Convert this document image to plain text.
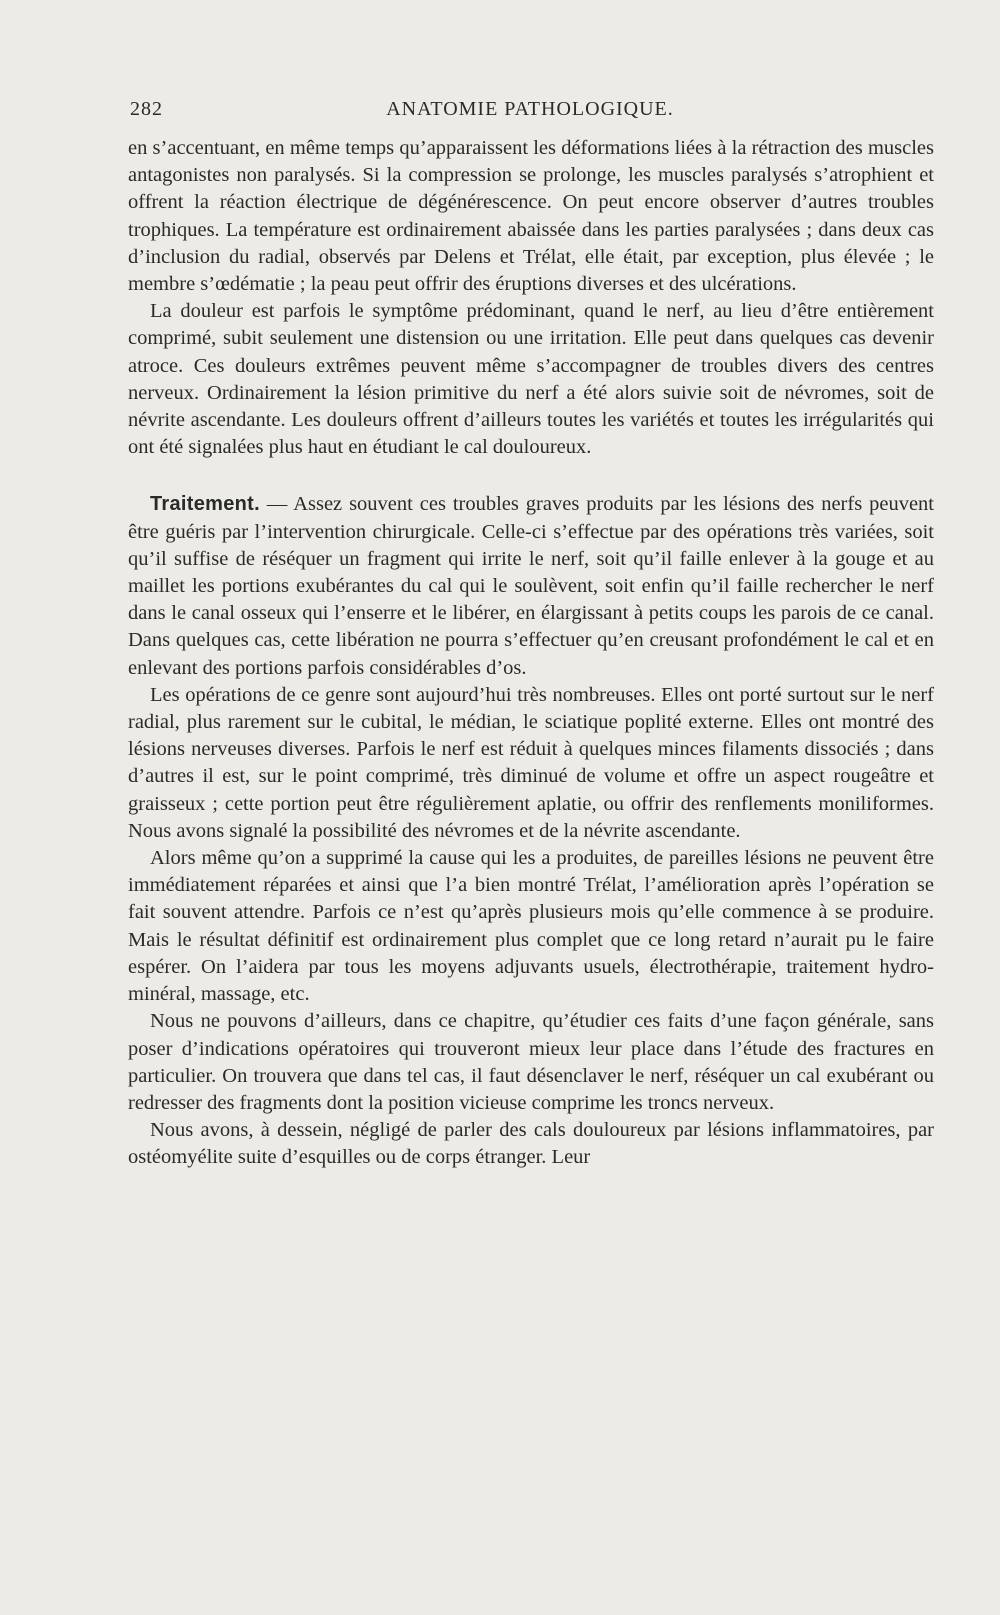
282	ANATOMIE PATHOLOGIQUE.

en s’accentuant, en même temps qu’apparaissent les déformations liées à la rétraction des muscles antagonistes non paralysés. Si la compression se prolonge, les muscles paralysés s’atrophient et offrent la réaction électrique de dégénérescence. On peut encore observer d’autres troubles trophiques. La température est ordinairement abaissée dans les parties paralysées ; dans deux cas d’inclusion du radial, observés par Delens et Trélat, elle était, par exception, plus élevée ; le membre s’œdématie ; la peau peut offrir des éruptions diverses et des ulcérations.

La douleur est parfois le symptôme prédominant, quand le nerf, au lieu d’être entièrement comprimé, subit seulement une distension ou une irritation. Elle peut dans quelques cas devenir atroce. Ces douleurs extrêmes peuvent même s’accompagner de troubles divers des centres nerveux. Ordinairement la lésion primitive du nerf a été alors suivie soit de névromes, soit de névrite ascendante. Les douleurs offrent d’ailleurs toutes les variétés et toutes les irrégularités qui ont été signalées plus haut en étudiant le cal douloureux.

Traitement. — Assez souvent ces troubles graves produits par les lésions des nerfs peuvent être guéris par l’intervention chirurgicale. Celle-ci s’effectue par des opérations très variées, soit qu’il suffise de réséquer un fragment qui irrite le nerf, soit qu’il faille enlever à la gouge et au maillet les portions exubérantes du cal qui le soulèvent, soit enfin qu’il faille rechercher le nerf dans le canal osseux qui l’enserre et le libérer, en élargissant à petits coups les parois de ce canal. Dans quelques cas, cette libération ne pourra s’effectuer qu’en creusant profondément le cal et en enlevant des portions parfois considérables d’os.

Les opérations de ce genre sont aujourd’hui très nombreuses. Elles ont porté surtout sur le nerf radial, plus rarement sur le cubital, le médian, le sciatique poplité externe. Elles ont montré des lésions nerveuses diverses. Parfois le nerf est réduit à quelques minces filaments dissociés ; dans d’autres il est, sur le point comprimé, très diminué de volume et offre un aspect rougeâtre et graisseux ; cette portion peut être régulièrement aplatie, ou offrir des renflements moniliformes. Nous avons signalé la possibilité des névromes et de la névrite ascendante.

Alors même qu’on a supprimé la cause qui les a produites, de pareilles lésions ne peuvent être immédiatement réparées et ainsi que l’a bien montré Trélat, l’amélioration après l’opération se fait souvent attendre. Parfois ce n’est qu’après plusieurs mois qu’elle commence à se produire. Mais le résultat définitif est ordinairement plus complet que ce long retard n’aurait pu le faire espérer. On l’aidera par tous les moyens adjuvants usuels, électrothérapie, traitement hydro-minéral, massage, etc.

Nous ne pouvons d’ailleurs, dans ce chapitre, qu’étudier ces faits d’une façon générale, sans poser d’indications opératoires qui trouveront mieux leur place dans l’étude des fractures en particulier. On trouvera que dans tel cas, il faut désenclaver le nerf, réséquer un cal exubérant ou redresser des fragments dont la position vicieuse comprime les troncs nerveux.

Nous avons, à dessein, négligé de parler des cals douloureux par lésions inflammatoires, par ostéomyélite suite d’esquilles ou de corps étranger. Leur
